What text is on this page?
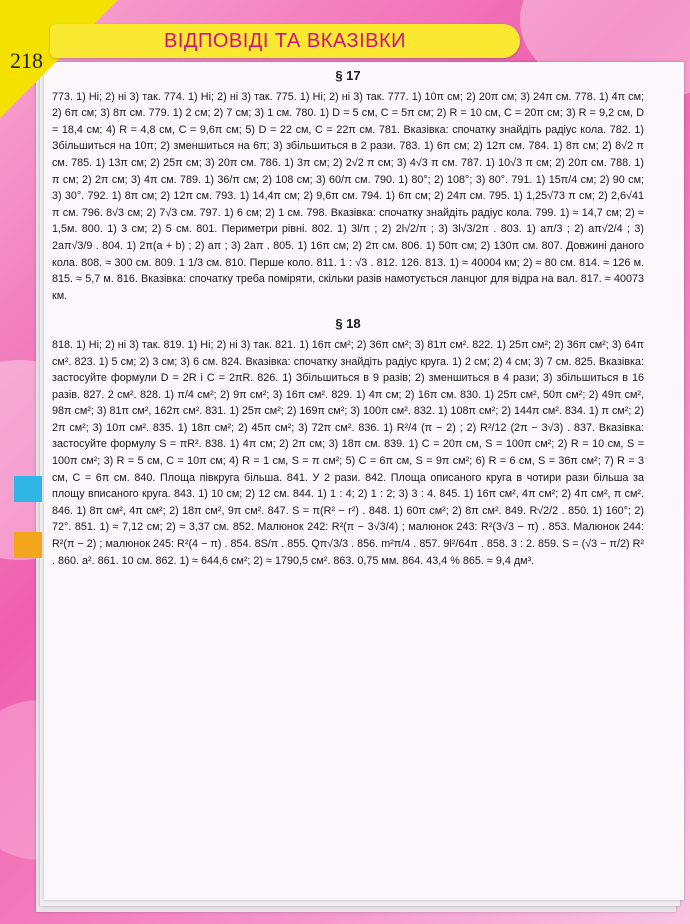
218
ВІДПОВІДІ ТА ВКАЗІВКИ
§ 17
773. 1) Ні; 2) ні 3) так. 774. 1) Ні; 2) ні 3) так. 775. 1) Ні; 2) ні 3) так. 777. 1) 10π см; 2) 20π см; 3) 24π см. 778. 1) 4π см; 2) 6π см; 3) 8π см. 779. 1) 2 см; 2) 7 см; 3) 1 см. 780. 1) D = 5 см, C = 5π см; 2) R = 10 см, C = 20π см; 3) R = 9,2 см, D = 18,4 см; 4) R = 4,8 см, C = 9,6π см; 5) D = 22 см, C = 22π см. 781. Вказівка: спочатку знайдіть радіус кола. 782. 1) Збільшиться на 10π; 2) зменшиться на 6π; 3) збільшиться в 2 рази. 783. 1) 6π см; 2) 12π см. 784. 1) 8π см; 2) 8√2 π см. 785. 1) 13π см; 2) 25π см; 3) 20π см. 786. 1) 3π см; 2) 2√2 π см; 3) 4√3 π см. 787. 1) 10√3 π см; 2) 20π см. 788. 1) π см; 2) 2π см; 3) 4π см. 789. 1) 36/π см; 2) 108 см; 3) 60/π см. 790. 1) 80°; 2) 108°; 3) 80°. 791. 1) 15π/4 см; 2) 90 см; 3) 30°. 792. 1) 8π см; 2) 12π см. 793. 1) 14,4π см; 2) 9,6π см. 794. 1) 6π см; 2) 24π см. 795. 1) 1,25√73 π см; 2) 2,6√41 π см. 796. 8√3 см; 2) 7√3 см. 797. 1) 6 см; 2) 1 см. 798. Вказівка: спочатку знайдіть радіус кола. 799. 1) ≈ 14,7 см; 2) ≈ 1,5м. 800. 1) 3 см; 2) 5 см. 801. Периметри рівні. 802. 1) 3l/π ; 2) 2l√2/π ; 3) 3l√3/2π . 803. 1) aπ/3 ; 2) aπ√2/4 ; 3) 2aπ√3/9 . 804. 1) 2π(a + b) ; 2) aπ ; 3) 2aπ . 805. 1) 16π см; 2) 2π см. 806. 1) 50π см; 2) 130π см. 807. Довжині даного кола. 808. ≈ 300 см. 809. 1 1/3 см. 810. Перше коло. 811. 1 : √3 . 812. 126. 813. 1) ≈ 40004 км; 2) ≈ 80 см. 814. ≈ 126 м. 815. ≈ 5,7 м. 816. Вказівка: спочатку треба поміряти, скільки разів намотується ланцюг для відра на вал. 817. ≈ 40073 км.
§ 18
818. 1) Ні; 2) ні 3) так. 819. 1) Ні; 2) ні 3) так. 821. 1) 16π см²; 2) 36π см²; 3) 81π см². 822. 1) 25π см²; 2) 36π см²; 3) 64π см². 823. 1) 5 см; 2) 3 см; 3) 6 см. 824. Вказівка: спочатку знайдіть радіус круга. 1) 2 см; 2) 4 см; 3) 7 см. 825. Вказівка: застосуйте формули D = 2R і C = 2πR. 826. 1) Збільшиться в 9 разів; 2) зменшиться в 4 рази; 3) збільшиться в 16 разів. 827. 2 см². 828. 1) π/4 см²; 2) 9π см²; 3) 16π см². 829. 1) 4π см; 2) 16π см. 830. 1) 25π см², 50π см²; 2) 49π см², 98π см²; 3) 81π см², 162π см². 831. 1) 25π см²; 2) 169π см²; 3) 100π см². 832. 1) 108π см²; 2) 144π см². 834. 1) π см²; 2) 2π см²; 3) 10π см². 835. 1) 18π см²; 2) 45π см²; 3) 72π см². 836. 1) R²/4 (π − 2) ; 2) R²/12 (2π − 3√3) . 837. Вказівка: застосуйте формулу S = πR². 838. 1) 4π см; 2) 2π см; 3) 18π см. 839. 1) C = 20π см, S = 100π см²; 2) R = 10 см, S = 100π см²; 3) R = 5 см, C = 10π см; 4) R = 1 см, S = π см²; 5) C = 6π см, S = 9π см²; 6) R = 6 см, S = 36π см²; 7) R = 3 см, C = 6π см. 840. Площа півкруга більша. 841. У 2 рази. 842. Площа описаного круга в чотири рази більша за площу вписаного круга. 843. 1) 10 см; 2) 12 см. 844. 1) 1 : 4; 2) 1 : 2; 3) 3 : 4. 845. 1) 16π см², 4π см²; 2) 4π см², π см². 846. 1) 8π см², 4π см²; 2) 18π см², 9π см². 847. S = π(R² − r²) . 848. 1) 60π см²; 2) 8π см². 849. R√2/2 . 850. 1) 160°; 2) 72°. 851. 1) ≈ 7,12 см; 2) ≈ 3,37 см. 852. Малюнок 242: R²(π − 3√3/4) ; малюнок 243: R²(3√3 − π) . 853. Малюнок 244: R²(π − 2) ; малюнок 245: R²(4 − π) . 854. 8S/π . 855. Qπ√3/3 . 856. m²π/4 . 857. 9l²/64π . 858. 3 : 2. 859. S = (√3 − π/2) R² . 860. a². 861. 10 см. 862. 1) ≈ 644,6 см²; 2) ≈ 1790,5 см². 863. 0,75 мм. 864. 43,4 % 865. ≈ 9,4 дм³.
